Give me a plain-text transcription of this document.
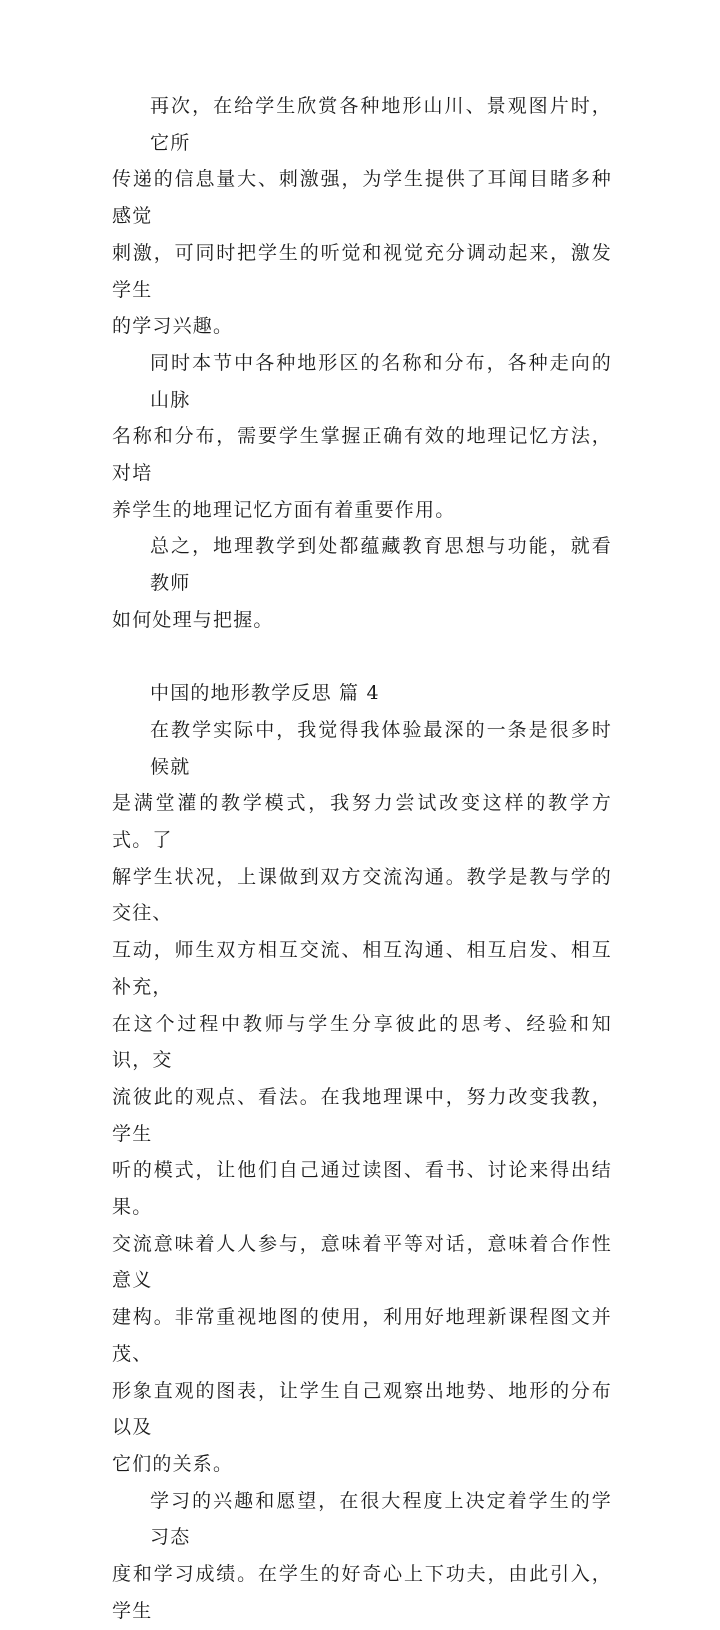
再次，在给学生欣赏各种地形山川、景观图片时，它所
传递的信息量大、刺激强，为学生提供了耳闻目睹多种感觉
刺激，可同时把学生的听觉和视觉充分调动起来，激发学生
的学习兴趣。
同时本节中各种地形区的名称和分布，各种走向的山脉
名称和分布，需要学生掌握正确有效的地理记忆方法，对培
养学生的地理记忆方面有着重要作用。
总之，地理教学到处都蕴藏教育思想与功能，就看教师
如何处理与把握。
中国的地形教学反思 篇 4
在教学实际中，我觉得我体验最深的一条是很多时候就
是满堂灌的教学模式，我努力尝试改变这样的教学方式。了
解学生状况，上课做到双方交流沟通。教学是教与学的交往、
互动，师生双方相互交流、相互沟通、相互启发、相互补充，
在这个过程中教师与学生分享彼此的思考、经验和知识，交
流彼此的观点、看法。在我地理课中，努力改变我教，学生
听的模式，让他们自己通过读图、看书、讨论来得出结果。
交流意味着人人参与，意味着平等对话，意味着合作性意义
建构。非常重视地图的使用，利用好地理新课程图文并茂、
形象直观的图表，让学生自己观察出地势、地形的分布以及
它们的关系。
学习的兴趣和愿望，在很大程度上决定着学生的学习态
度和学习成绩。在学生的好奇心上下功夫，由此引入，学生
